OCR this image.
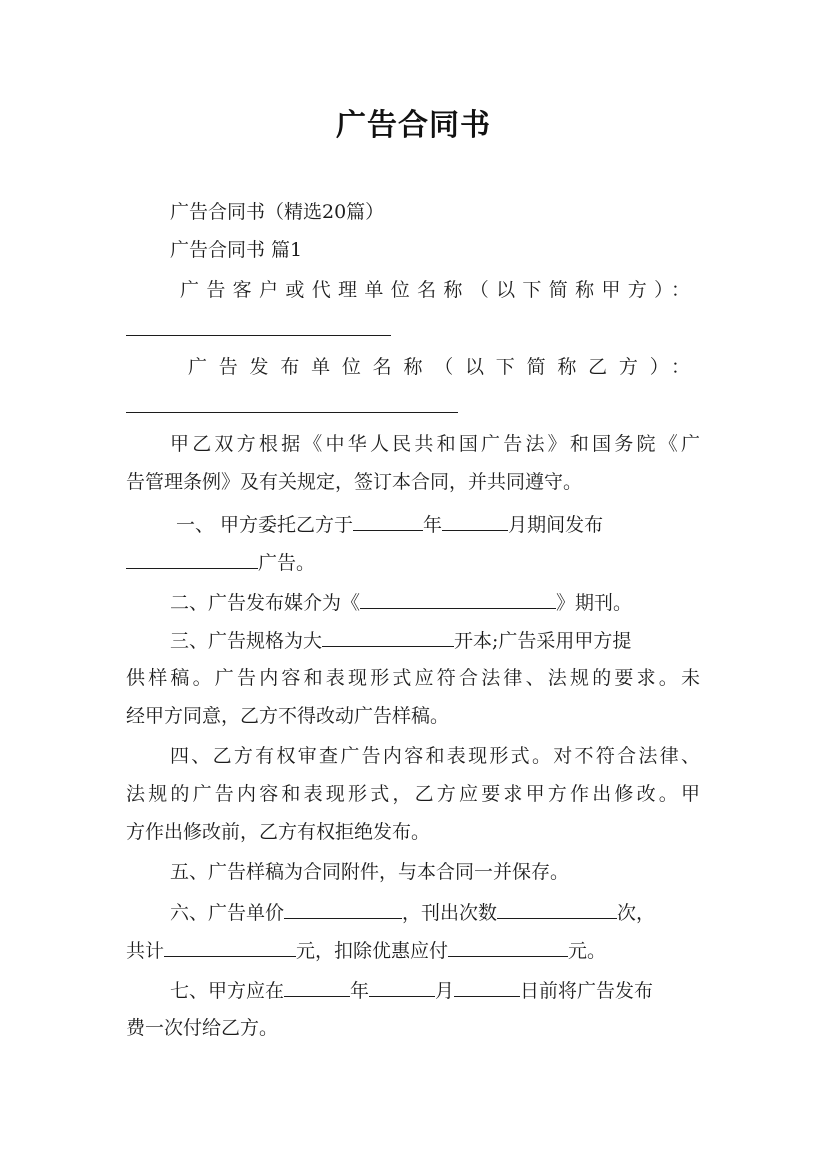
广告合同书
广告合同书（精选20篇）
广告合同书 篇1
广告客户或代理单位名称（以下简称甲方）：
广告发布单位名称（以下简称乙方）：
甲乙双方根据《中华人民共和国广告法》和国务院《广
告管理条例》及有关规定，签订本合同，并共同遵守。
一、 甲方委托乙方于	年	月期间发布
广告。
二、广告发布媒介为《	》期刊。
三、广告规格为大	开本;广告采用甲方提
供样稿。广告内容和表现形式应符合法律、法规的要求。未
经甲方同意，乙方不得改动广告样稿。
四、乙方有权审查广告内容和表现形式。对不符合法律、
法规的广告内容和表现形式，乙方应要求甲方作出修改。甲
方作出修改前，乙方有权拒绝发布。
五、广告样稿为合同附件，与本合同一并保存。
六、广告单价	，刊出次数	次，
共计	元，扣除优惠应付	元。
七、甲方应在	年	月	日前将广告发布
费一次付给乙方。
